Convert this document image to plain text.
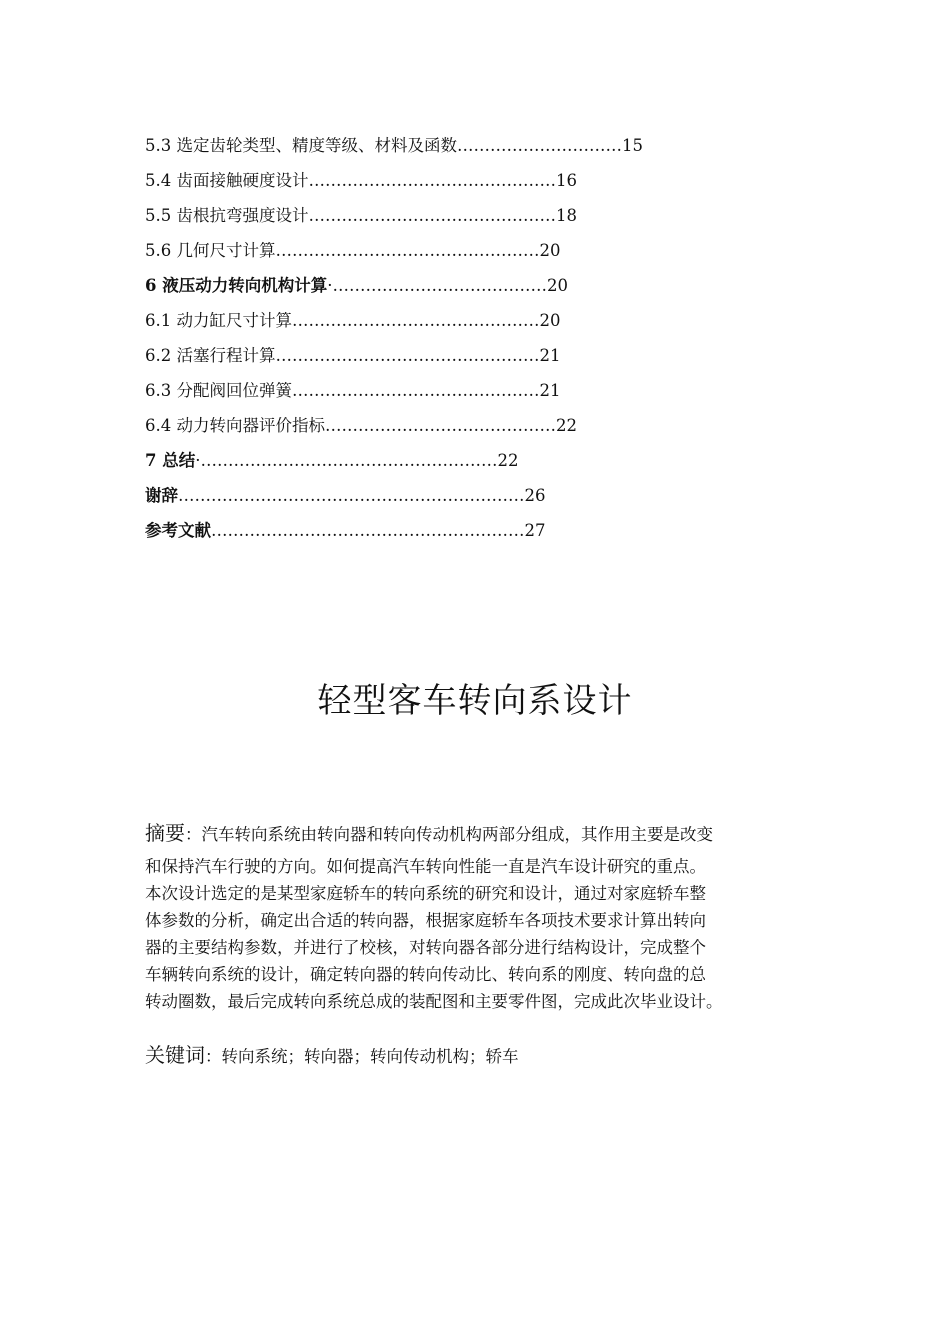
5.3 选定齿轮类型、精度等级、材料及函数…………………………15
5.4 齿面接触硬度设计………………………………………16
5.5 齿根抗弯强度设计………………………………………18
5.6 几何尺寸计算…………………………………………20
6 液压动力转向机构计算·…………………………………20
6.1 动力缸尺寸计算………………………………………20
6.2 活塞行程计算…………………………………………21
6.3 分配阀回位弹簧………………………………………21
6.4 动力转向器评价指标……………………………………22
7 总结·………………………………………………22
谢辞………………………………………………………26
参考文献…………………………………………………27
轻型客车转向系设计
摘要：汽车转向系统由转向器和转向传动机构两部分组成，其作用主要是改变
和保持汽车行驶的方向。如何提高汽车转向性能一直是汽车设计研究的重点。
本次设计选定的是某型家庭轿车的转向系统的研究和设计，通过对家庭轿车整
体参数的分析，确定出合适的转向器，根据家庭轿车各项技术要求计算出转向
器的主要结构参数，并进行了校核，对转向器各部分进行结构设计，完成整个
车辆转向系统的设计，确定转向器的转向传动比、转向系的刚度、转向盘的总
转动圈数，最后完成转向系统总成的装配图和主要零件图，完成此次毕业设计。
关键词：转向系统；转向器；转向传动机构；轿车
